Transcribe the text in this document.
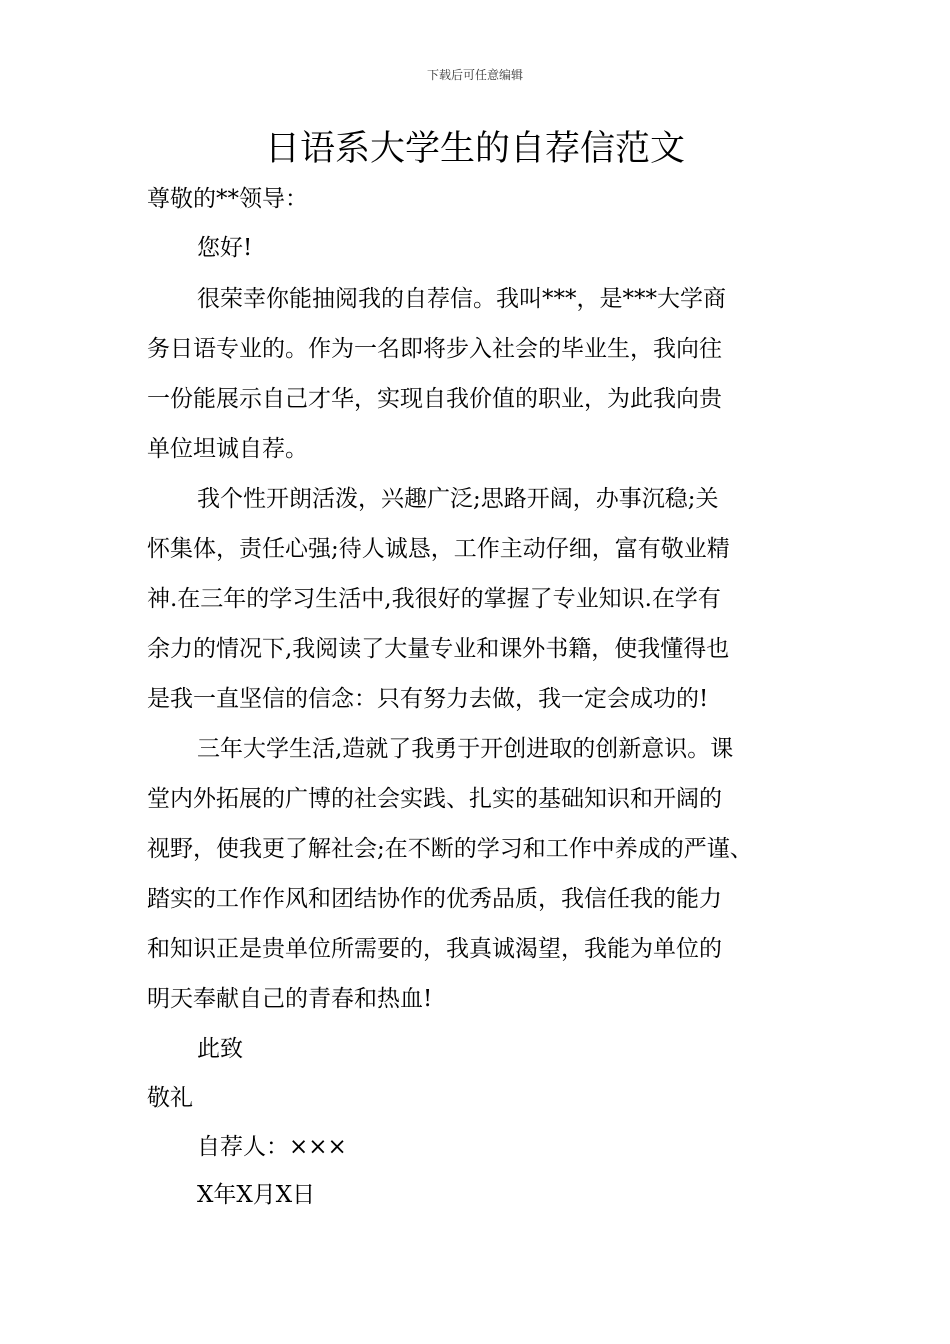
下载后可任意编辑
日语系大学生的自荐信范文
尊敬的**领导：
您好!
很荣幸你能抽阅我的自荐信。我叫***，是***大学商
务日语专业的。作为一名即将步入社会的毕业生，我向往
一份能展示自己才华，实现自我价值的职业，为此我向贵
单位坦诚自荐。
我个性开朗活泼，兴趣广泛;思路开阔，办事沉稳;关
怀集体，责任心强;待人诚恳，工作主动仔细，富有敬业精
神.在三年的学习生活中,我很好的掌握了专业知识.在学有
余力的情况下,我阅读了大量专业和课外书籍，使我懂得也
是我一直坚信的信念：只有努力去做，我一定会成功的!
三年大学生活,造就了我勇于开创进取的创新意识。课
堂内外拓展的广博的社会实践、扎实的基础知识和开阔的
视野，使我更了解社会;在不断的学习和工作中养成的严谨、
踏实的工作作风和团结协作的优秀品质，我信任我的能力
和知识正是贵单位所需要的，我真诚渴望，我能为单位的
明天奉献自己的青春和热血!
此致
敬礼
自荐人：×××
X年X月X日
